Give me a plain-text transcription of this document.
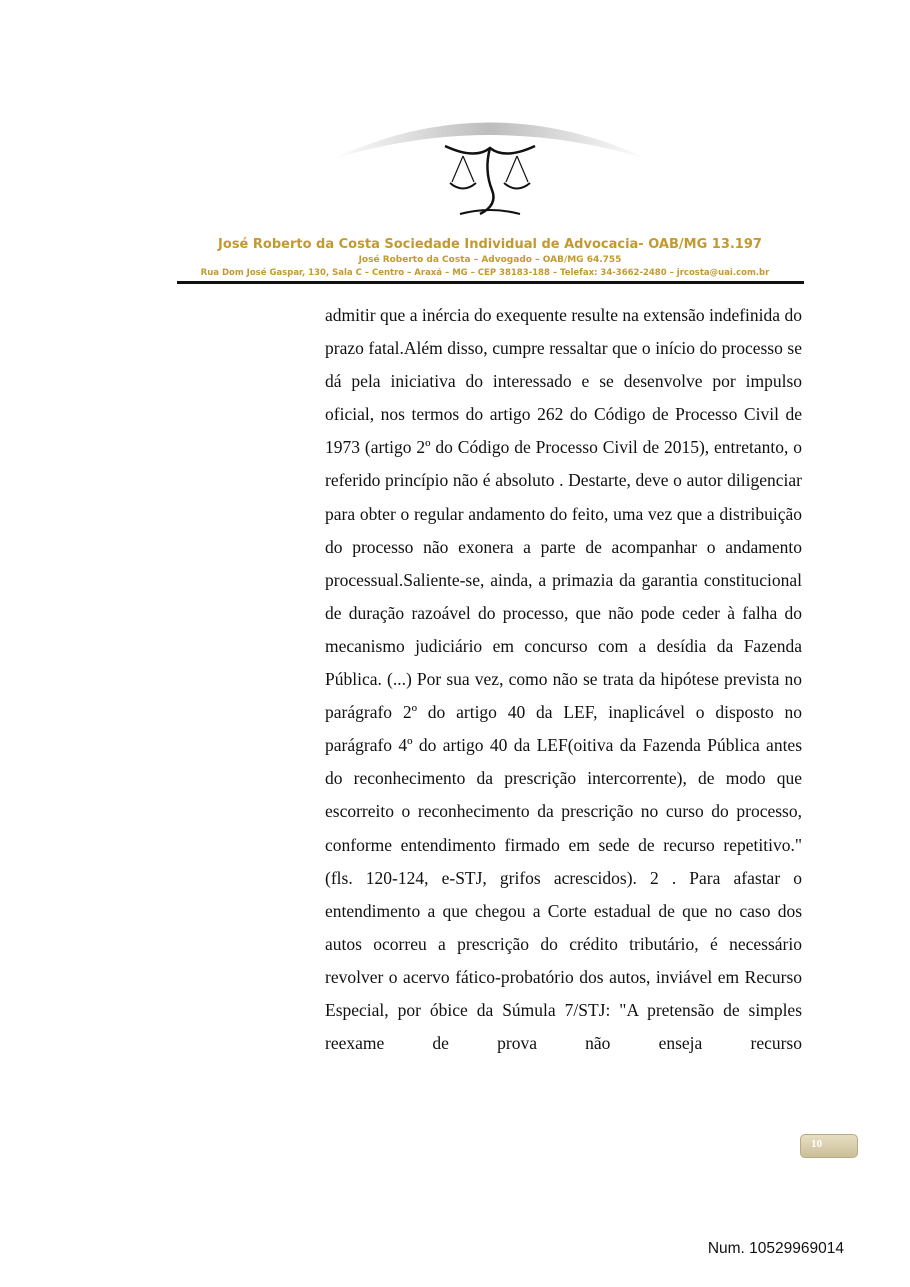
José Roberto da Costa Sociedade Individual de Advocacia- OAB/MG 13.197
José Roberto da Costa – Advogado – OAB/MG 64.755
Rua Dom José Gaspar, 130, Sala C – Centro – Araxá – MG – CEP 38183-188 – Telefax: 34-3662-2480 – jrcosta@uai.com.br

admitir que a inércia do exequente resulte na extensão indefinida do prazo fatal.Além disso, cumpre ressaltar que o início do processo se dá pela iniciativa do interessado e se desenvolve por impulso oficial, nos termos do artigo 262 do Código de Processo Civil de 1973 (artigo 2º do Código de Processo Civil de 2015), entretanto, o referido princípio não é absoluto . Destarte, deve o autor diligenciar para obter o regular andamento do feito, uma vez que a distribuição do processo não exonera a parte de acompanhar o andamento processual.Saliente-se, ainda, a primazia da garantia constitucional de duração razoável do processo, que não pode ceder à falha do mecanismo judiciário em concurso com a desídia da Fazenda Pública. (...) Por sua vez, como não se trata da hipótese prevista no parágrafo 2º do artigo 40 da LEF, inaplicável o disposto no parágrafo 4º do artigo 40 da LEF(oitiva da Fazenda Pública antes do reconhecimento da prescrição intercorrente), de modo que escorreito o reconhecimento da prescrição no curso do processo, conforme entendimento firmado em sede de recurso repetitivo." (fls. 120-124, e-STJ, grifos acrescidos). 2 . Para afastar o entendimento a que chegou a Corte estadual de que no caso dos autos ocorreu a prescrição do crédito tributário, é necessário revolver o acervo fático-probatório dos autos, inviável em Recurso Especial, por óbice da Súmula 7/STJ: "A pretensão de simples reexame de prova não enseja recurso

10
Num. 10529969014
